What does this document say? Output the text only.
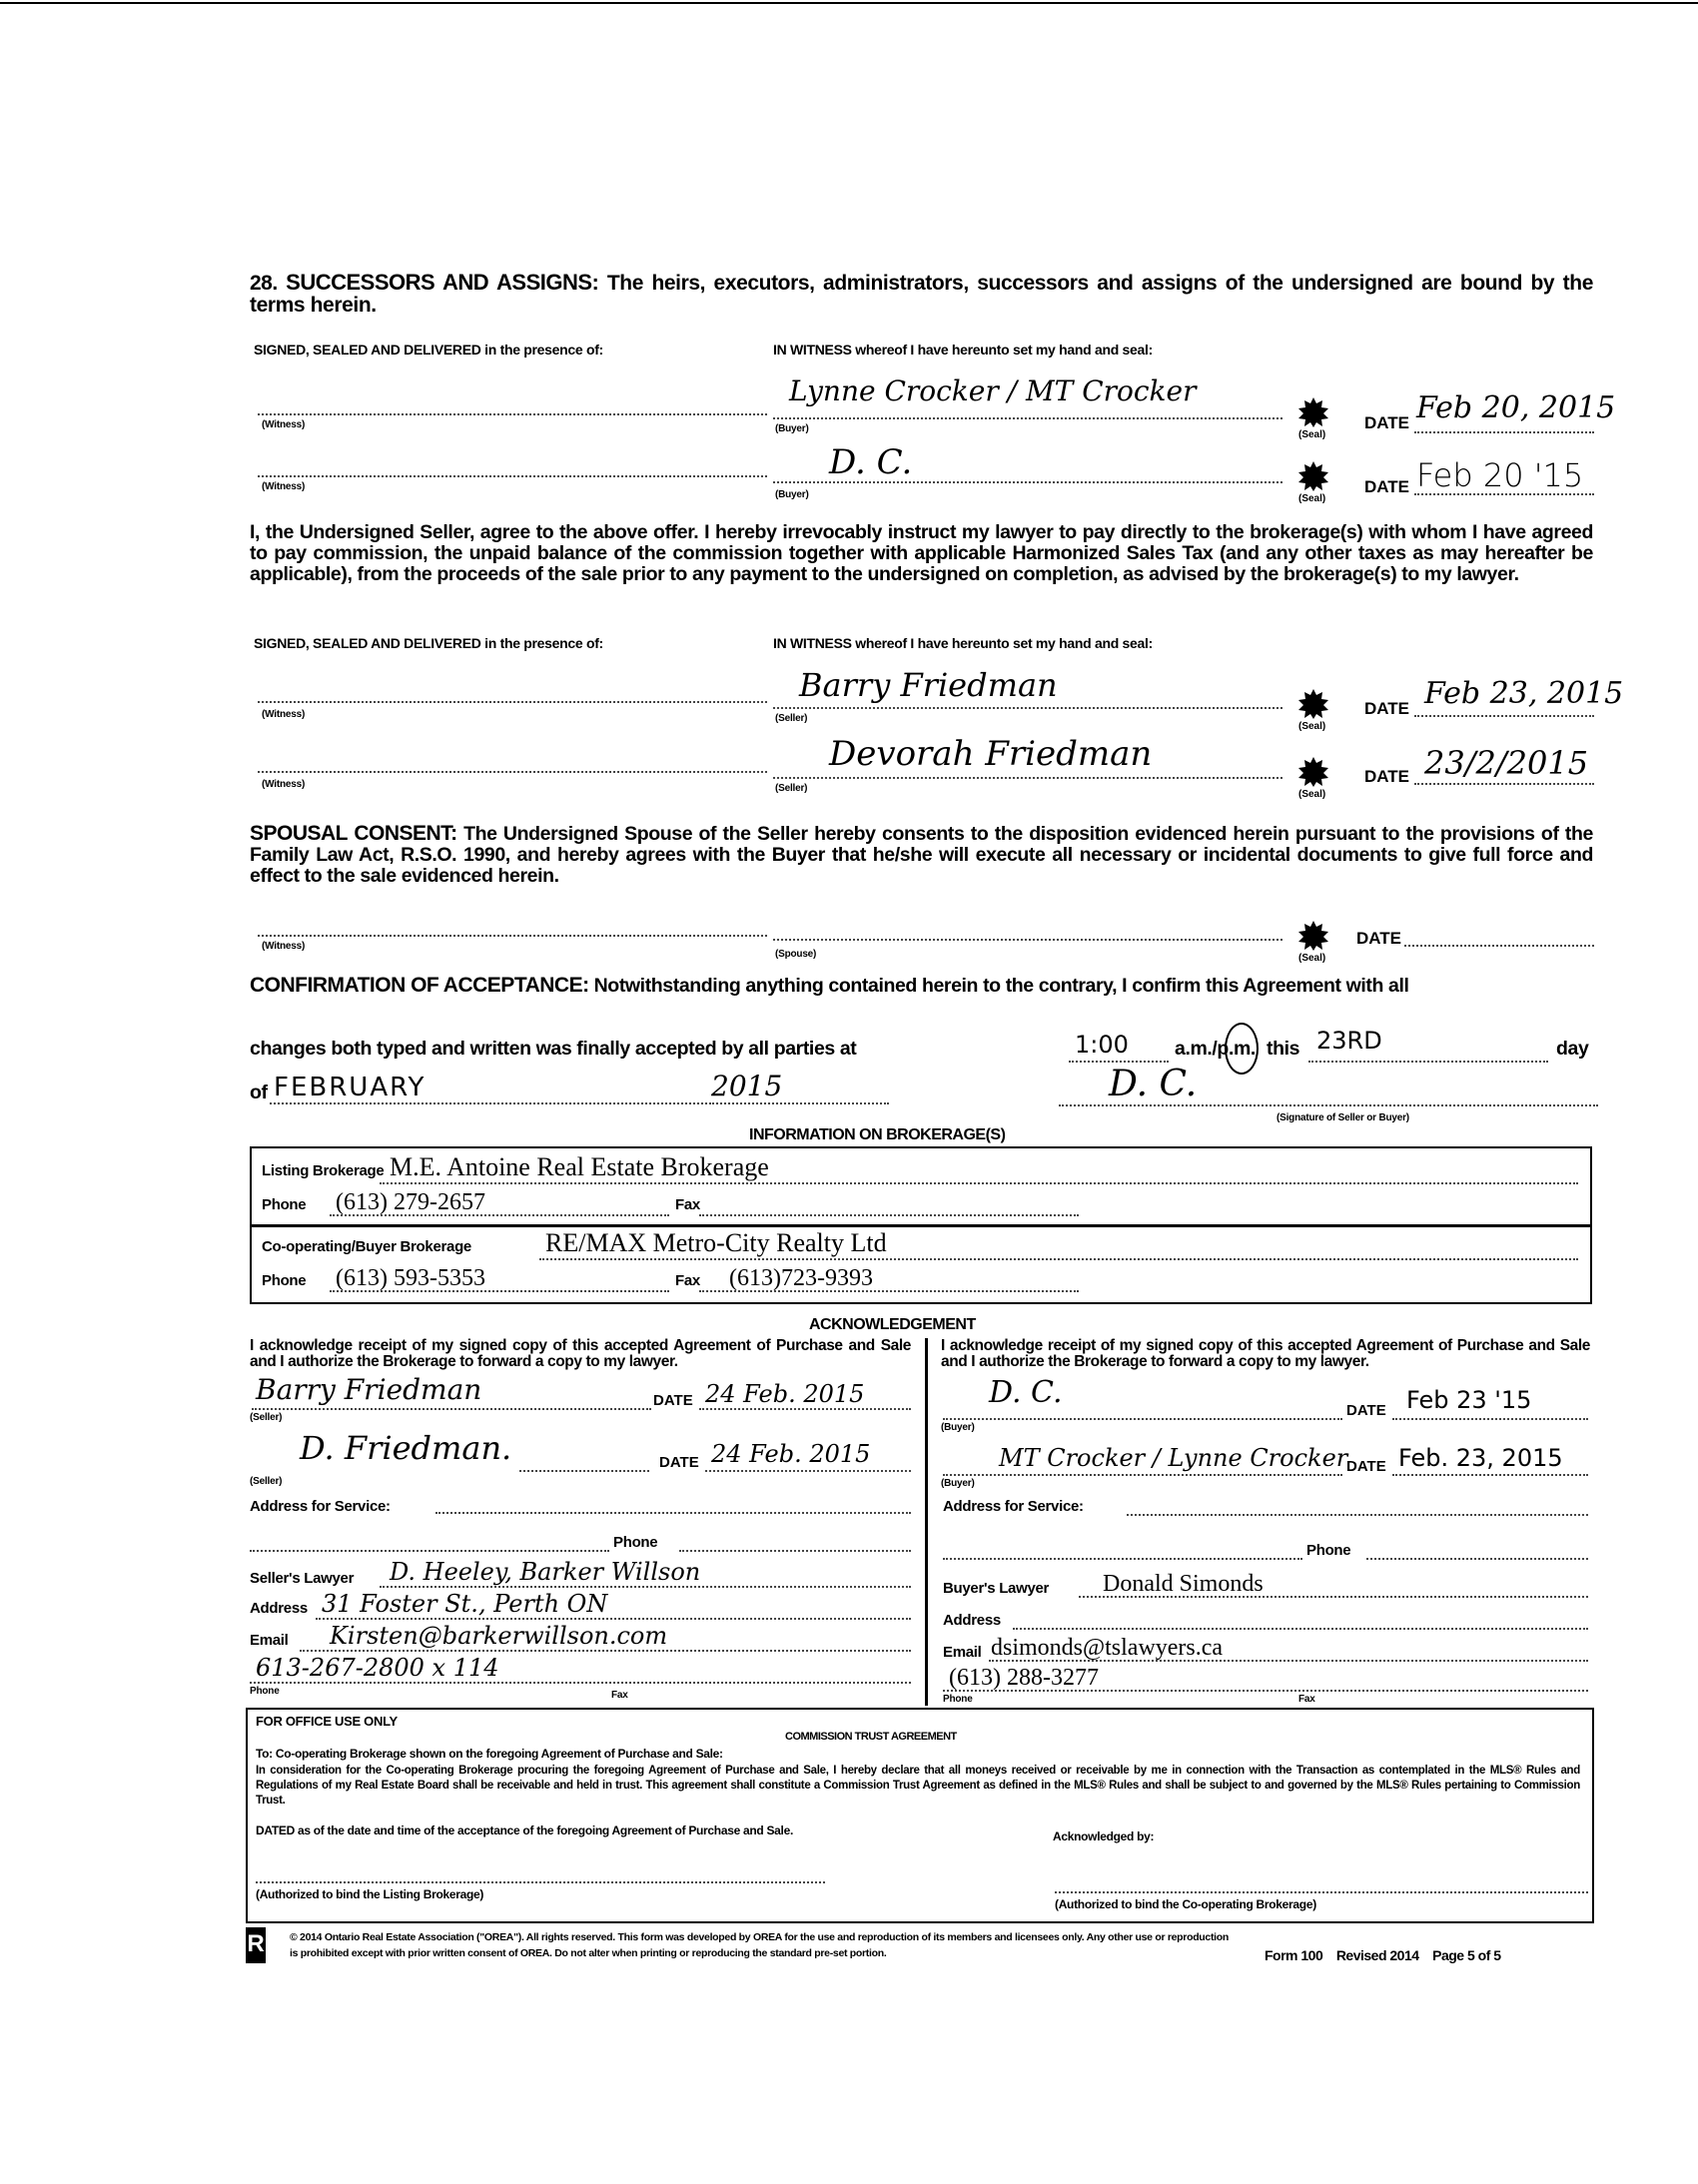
28. SUCCESSORS AND ASSIGNS: The heirs, executors, administrators, successors and assigns of the undersigned are bound by the terms herein.
SIGNED, SEALED AND DELIVERED in the presence of:	IN WITNESS whereof I have hereunto set my hand and seal:
(Witness)	(Buyer)
Lynne Crocker / MT Crocker
(Seal)
DATE Feb 20, 2015
(Witness)
(Buyer)
D. C.
(Seal)
DATE Feb 20 '15
I, the Undersigned Seller, agree to the above offer. I hereby irrevocably instruct my lawyer to pay directly to the brokerage(s) with whom I have agreed to pay commission, the unpaid balance of the commission together with applicable Harmonized Sales Tax (and any other taxes as may hereafter be applicable), from the proceeds of the sale prior to any payment to the undersigned on completion, as advised by the brokerage(s) to my lawyer.
SIGNED, SEALED AND DELIVERED in the presence of:	IN WITNESS whereof I have hereunto set my hand and seal:
(Witness)	(Seller)
Barry Friedman
(Seal)
DATE Feb 23, 2015
(Witness)	(Seller)
Devorah Friedman
(Seal)
DATE 23/2/2015
SPOUSAL CONSENT: The Undersigned Spouse of the Seller hereby consents to the disposition evidenced herein pursuant to the provisions of the Family Law Act, R.S.O. 1990, and hereby agrees with the Buyer that he/she will execute all necessary or incidental documents to give full force and effect to the sale evidenced herein.
(Witness)
(Spouse)	(Seal)
DATE
CONFIRMATION OF ACCEPTANCE: Notwithstanding anything contained herein to the contrary, I confirm this Agreement with all
changes both typed and written was finally accepted by all parties at	1:00 a.m./p.m. this 23RD	day
of FEBRUARY	2015	D. C.
(Signature of Seller or Buyer)
INFORMATION ON BROKERAGE(S)
Listing Brokerage M.E. Antoine Real Estate Brokerage
Phone (613) 279-2657	Fax
Co-operating/Buyer Brokerage	RE/MAX Metro-City Realty Ltd
Phone (613) 593-5353	Fax (613)723-9393
ACKNOWLEDGEMENT
I acknowledge receipt of my signed copy of this accepted Agreement of Purchase and Sale and I authorize the Brokerage to forward a copy to my lawyer.
Barry Friedman
(Seller)
DATE 24 Feb. 2015
D. Friedman.
(Seller)
DATE 24 Feb. 2015
Address for Service:
Phone
Seller's Lawyer D. Heeley, Barker Willson
Address 31 Foster St., Perth ON
Email Kirsten@barkerwillson.com
613-267-2800 x 114
Phone	Fax
I acknowledge receipt of my signed copy of this accepted Agreement of Purchase and Sale and I authorize the Brokerage to forward a copy to my lawyer.
D. C.
(Buyer)
DATE Feb 23 '15
MT Crocker / Lynne Crocker
(Buyer)
DATE Feb. 23, 2015
Address for Service:
Phone
Buyer's Lawyer Donald Simonds
Address
Email dsimonds@tslawyers.ca
(613) 288-3277
Phone	Fax
FOR OFFICE USE ONLY
COMMISSION TRUST AGREEMENT
To: Co-operating Brokerage shown on the foregoing Agreement of Purchase and Sale:
In consideration for the Co-operating Brokerage procuring the foregoing Agreement of Purchase and Sale, I hereby declare that all moneys received or receivable by me in connection with the Transaction as contemplated in the MLS® Rules and Regulations of my Real Estate Board shall be receivable and held in trust. This agreement shall constitute a Commission Trust Agreement as defined in the MLS® Rules and shall be subject to and governed by the MLS® Rules pertaining to Commission Trust.
DATED as of the date and time of the acceptance of the foregoing Agreement of Purchase and Sale.	Acknowledged by:
(Authorized to bind the Listing Brokerage)
(Authorized to bind the Co-operating Brokerage)
R © 2014 Ontario Real Estate Association ("OREA"). All rights reserved. This form was developed by OREA for the use and reproduction of its members and licensees only. Any other use or reproduction is prohibited except with prior written consent of OREA. Do not alter when printing or reproducing the standard pre-set portion.	Form 100 Revised 2014 Page 5 of 5
